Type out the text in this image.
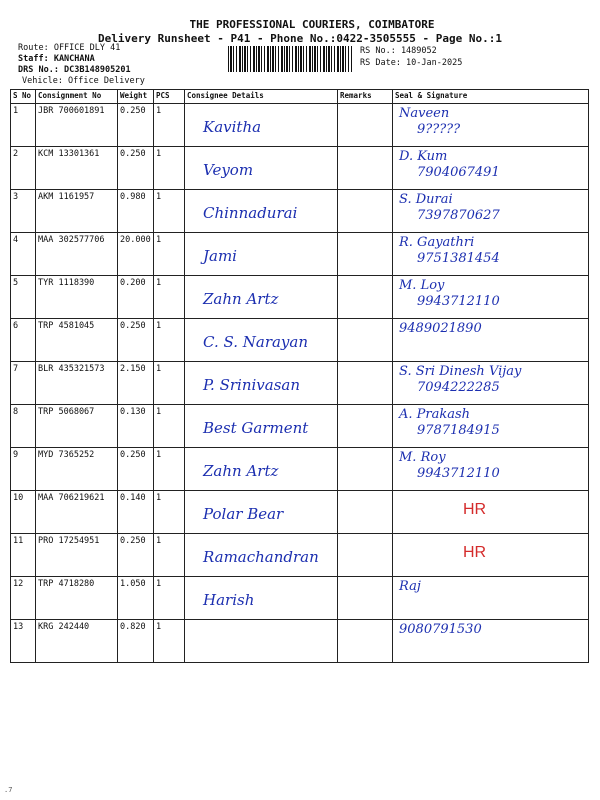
THE PROFESSIONAL COURIERS, COIMBATORE
Delivery Runsheet - P41 - Phone No.:0422-3505555 - Page No.:1
Route: OFFICE DLY 41
Staff: KANCHANA
DRS No.: DC3B148905201
Vehicle: Office Delivery
RS No.: 1489052
RS Date: 10-Jan-2025
S No	Consignment No	Weight	PCS	Consignee Details	Remarks	Seal & Signature
1	JBR 700601891	0.250	1	Kavitha		Naveen
9?????

2	KCM 13301361	0.250	1	Veyom		D. Kum
7904067491

3	AKM 1161957	0.980	1	Chinnadurai		S. Durai
7397870627

4	MAA 302577706	20.000	1	Jami		R. Gayathri
9751381454

5	TYR 1118390	0.200	1	Zahn Artz		M. Loy
9943712110

6	TRP 4581045	0.250	1	C. S. Narayan		9489021890

7	BLR 435321573	2.150	1	P. Srinivasan		S. Sri Dinesh Vijay
7094222285

8	TRP 5068067	0.130	1	Best Garment		A. Prakash
9787184915

9	MYD 7365252	0.250	1	Zahn Artz		M. Roy
9943712110

10	MAA 706219621	0.140	1	Polar Bear		HR

11	PRO 17254951	0.250	1	Ramachandran		HR

12	TRP 4718280	1.050	1	Harish		Raj

13	KRG 242440	0.820	1			9080791530
.7
